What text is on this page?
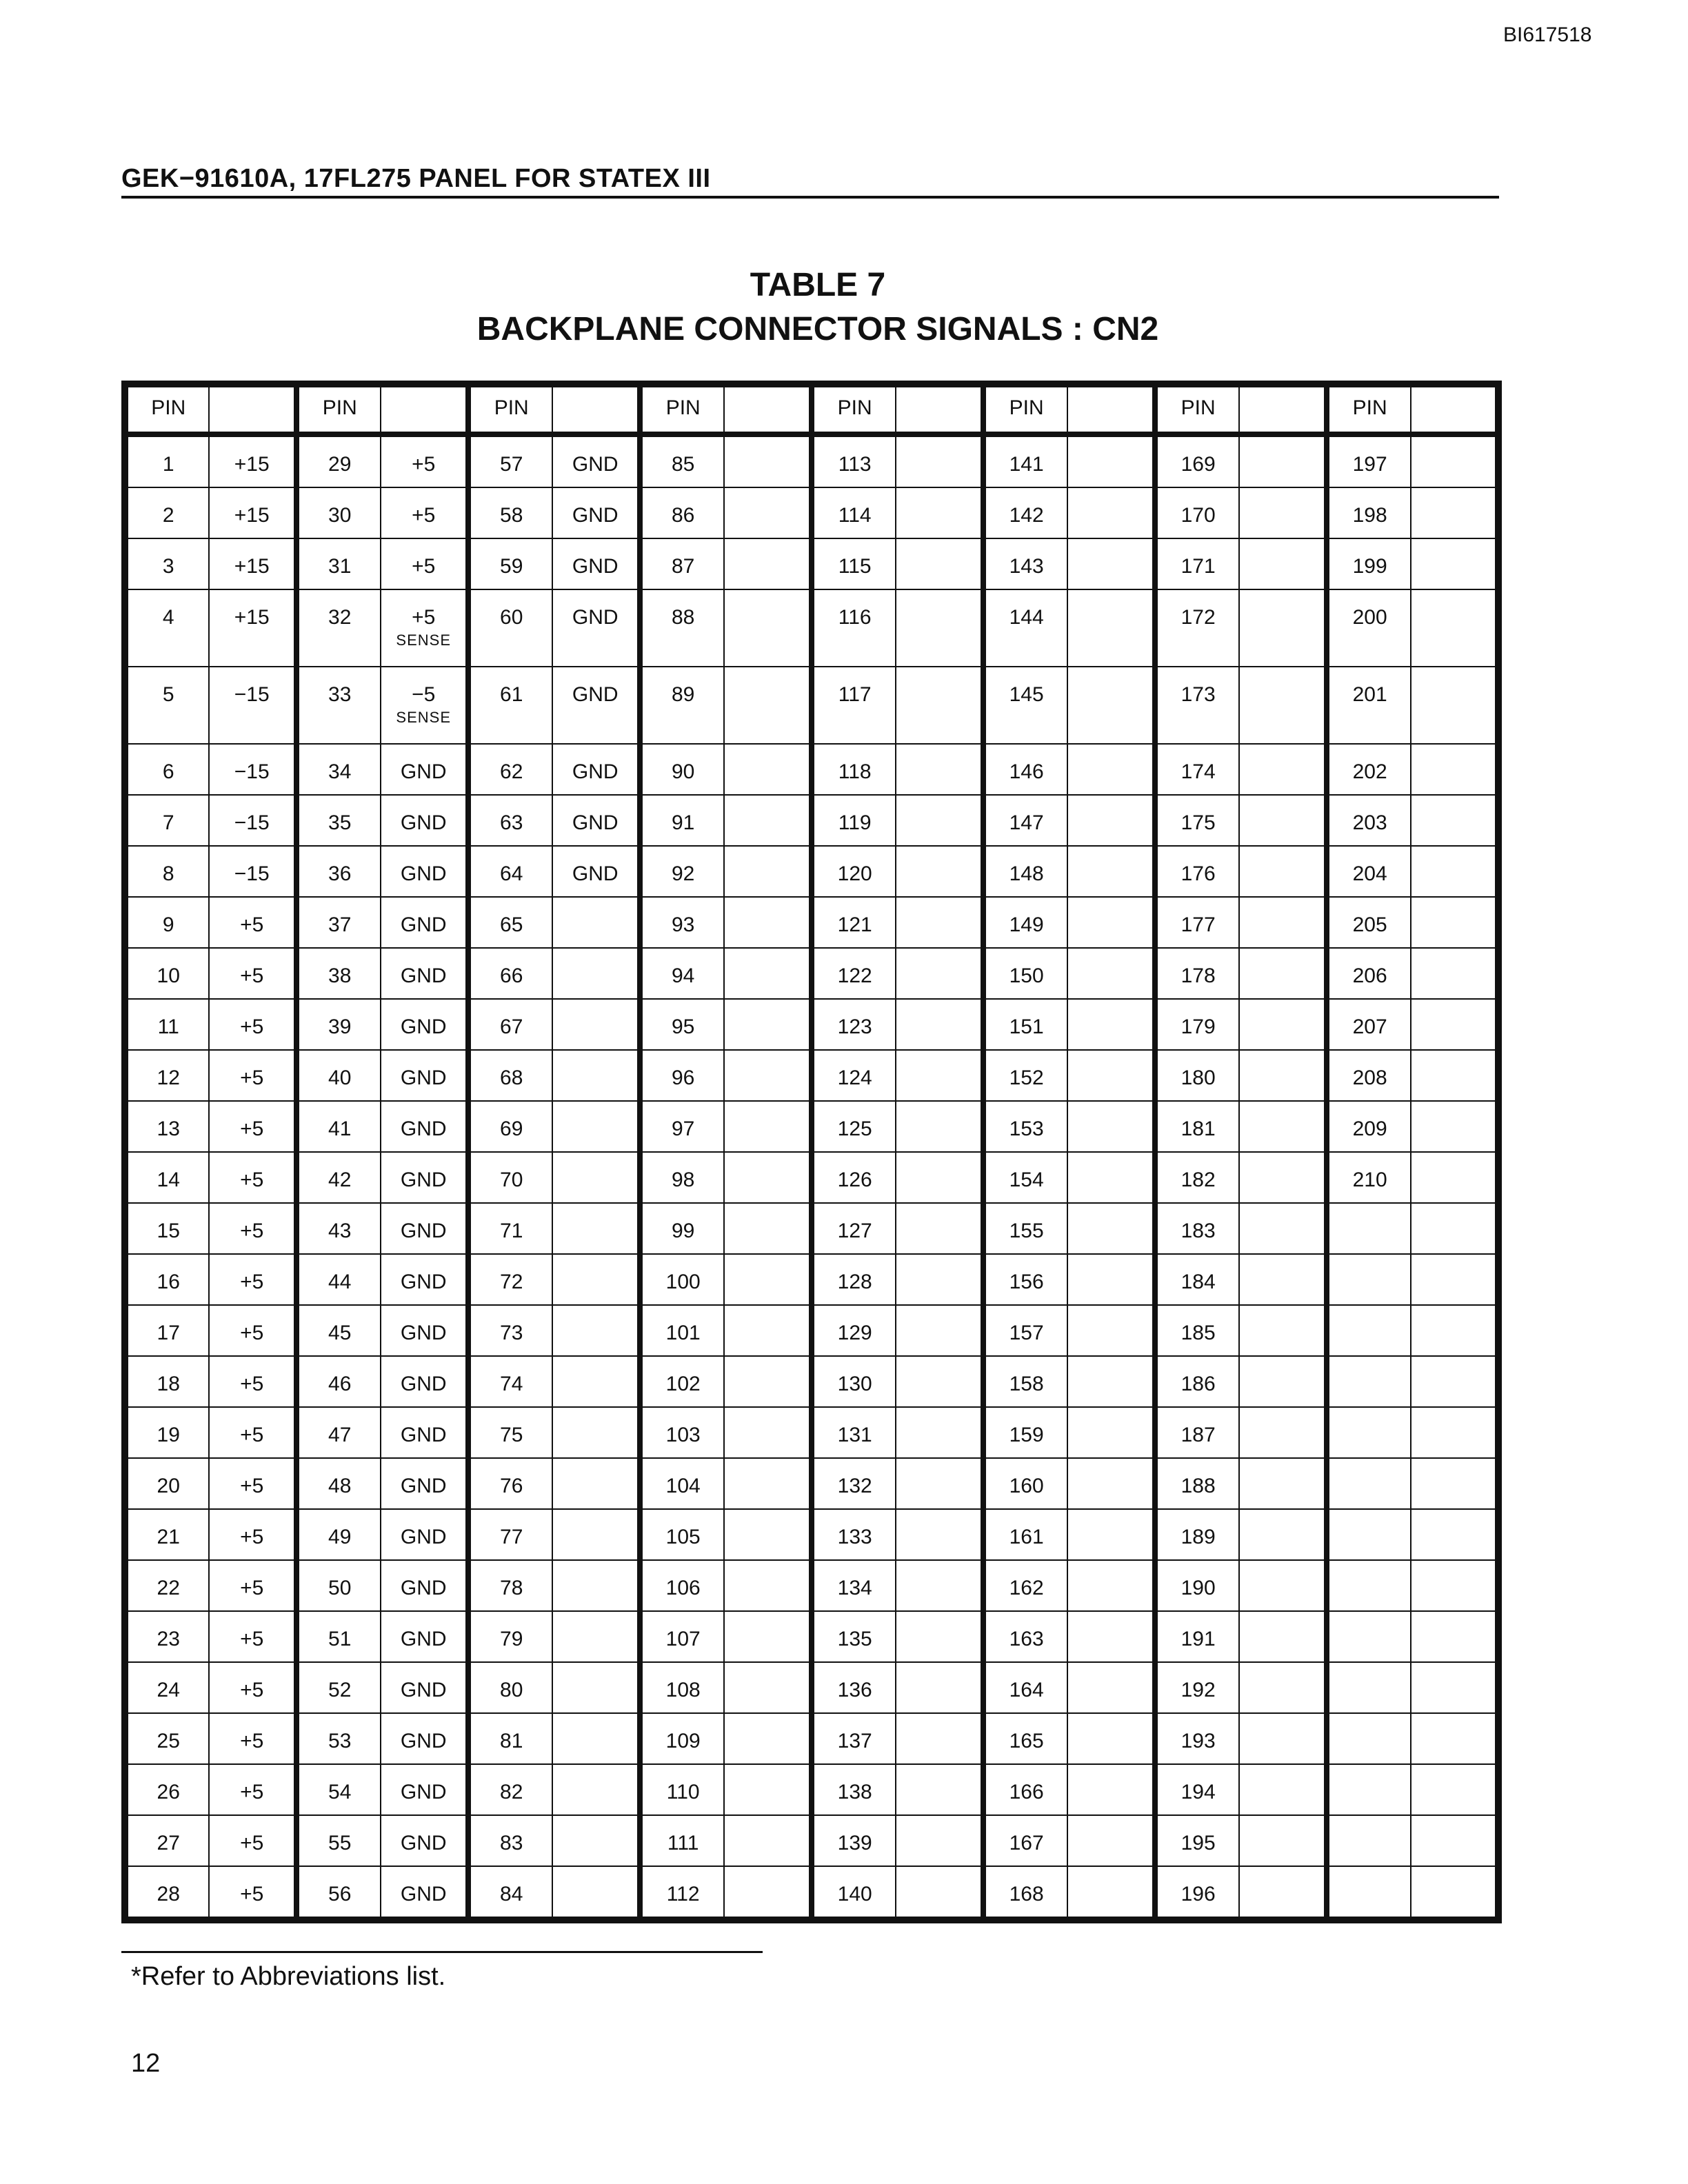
BI617518
GEK−91610A, 17FL275 PANEL FOR STATEX III
TABLE 7
BACKPLANE CONNECTOR SIGNALS : CN2
PIN		PIN		PIN		PIN		PIN		PIN		PIN		PIN	
1	+15	29	+5	57	GND	85		113		141		169		197	
2	+15	30	+5	58	GND	86		114		142		170		198	
3	+15	31	+5	59	GND	87		115		143		171		199	
4	+15	32	+5
SENSE	60	GND	88		116		144		172		200	
5	−15	33	−5
SENSE	61	GND	89		117		145		173		201	
6	−15	34	GND	62	GND	90		118		146		174		202	
7	−15	35	GND	63	GND	91		119		147		175		203	
8	−15	36	GND	64	GND	92		120		148		176		204	
9	+5	37	GND	65		93		121		149		177		205	
10	+5	38	GND	66		94		122		150		178		206	
11	+5	39	GND	67		95		123		151		179		207	
12	+5	40	GND	68		96		124		152		180		208	
13	+5	41	GND	69		97		125		153		181		209	
14	+5	42	GND	70		98		126		154		182		210	
15	+5	43	GND	71		99		127		155		183			
16	+5	44	GND	72		100		128		156		184			
17	+5	45	GND	73		101		129		157		185			
18	+5	46	GND	74		102		130		158		186			
19	+5	47	GND	75		103		131		159		187			
20	+5	48	GND	76		104		132		160		188			
21	+5	49	GND	77		105		133		161		189			
22	+5	50	GND	78		106		134		162		190			
23	+5	51	GND	79		107		135		163		191			
24	+5	52	GND	80		108		136		164		192			
25	+5	53	GND	81		109		137		165		193			
26	+5	54	GND	82		110		138		166		194			
27	+5	55	GND	83		111		139		167		195			
28	+5	56	GND	84		112		140		168		196			
*Refer to Abbreviations list.
12
